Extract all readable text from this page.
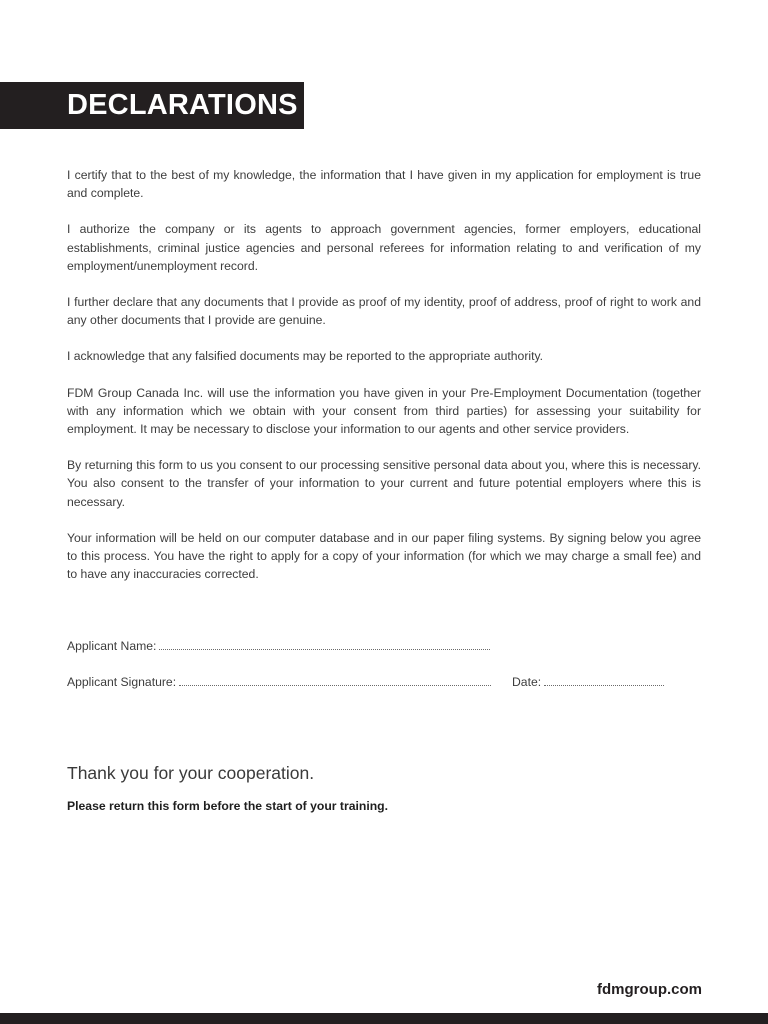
DECLARATIONS

I certify that to the best of my knowledge, the information that I have given in my application for employment is true and complete.

I authorize the company or its agents to approach government agencies, former employers, educational establishments, criminal justice agencies and personal referees for information relating to and verification of my employment/unemployment record.

I further declare that any documents that I provide as proof of my identity, proof of address, proof of right to work and any other documents that I provide are genuine.

I acknowledge that any falsified documents may be reported to the appropriate authority.

FDM Group Canada Inc. will use the information you have given in your Pre-Employment Documentation (together with any information which we obtain with your consent from third parties) for assessing your suitability for employment. It may be necessary to disclose your information to our agents and other service providers.

By returning this form to us you consent to our processing sensitive personal data about you, where this is necessary. You also consent to the transfer of your information to your current and future potential employers where this is necessary.

Your information will be held on our computer database and in our paper filing systems. By signing below you agree to this process. You have the right to apply for a copy of your information (for which we may charge a small fee) and to have any inaccuracies corrected.

Applicant Name:
Applicant Signature:	Date:

Thank you for your cooperation.

Please return this form before the start of your training.

fdmgroup.com
